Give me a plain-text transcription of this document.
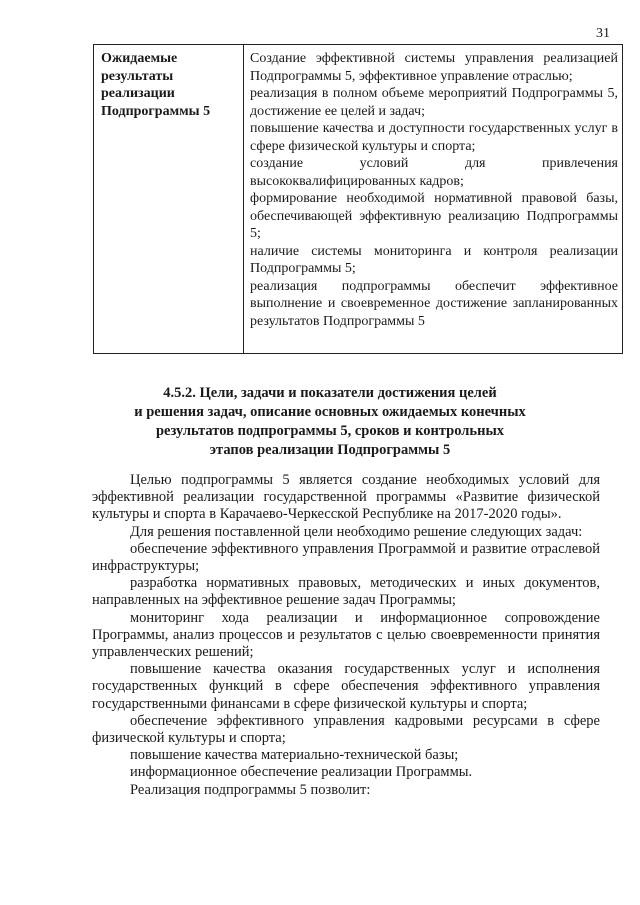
31
Ожидаемые результаты реализации Подпрограммы 5

Создание эффективной системы управления реализацией Подпрограммы 5, эффективное управление отраслью;

реализация в полном объеме мероприятий Подпрограммы 5, достижение ее целей и задач;

повышение качества и доступности государственных услуг в сфере физической культуры и спорта;

создание условий для привлечения высококвалифицированных кадров;

формирование необходимой нормативной правовой базы, обеспечивающей эффективную реализацию Подпрограммы 5;

наличие системы мониторинга и контроля реализации Подпрограммы 5;

реализация подпрограммы обеспечит эффективное выполнение и своевременное достижение запланированных результатов Подпрограммы 5

4.5.2. Цели, задачи и показатели достижения целей
и решения задач, описание основных ожидаемых конечных
результатов подпрограммы 5, сроков и контрольных
этапов реализации Подпрограммы 5

Целью подпрограммы 5 является создание необходимых условий для эффективной реализации государственной программы «Развитие физической культуры и спорта в Карачаево-Черкесской Республике на 2017-2020 годы».

Для решения поставленной цели необходимо решение следующих задач:

обеспечение эффективного управления Программой и развитие отраслевой инфраструктуры;

разработка нормативных правовых, методических и иных документов, направленных на эффективное решение задач Программы;

мониторинг хода реализации и информационное сопровождение Программы, анализ процессов и результатов с целью своевременности принятия управленческих решений;

повышение качества оказания государственных услуг и исполнения государственных функций в сфере обеспечения эффективного управления государственными финансами в сфере физической культуры и спорта;

обеспечение эффективного управления кадровыми ресурсами в сфере физической культуры и спорта;

повышение качества материально-технической базы;

информационное обеспечение реализации Программы.

Реализация подпрограммы 5 позволит:
